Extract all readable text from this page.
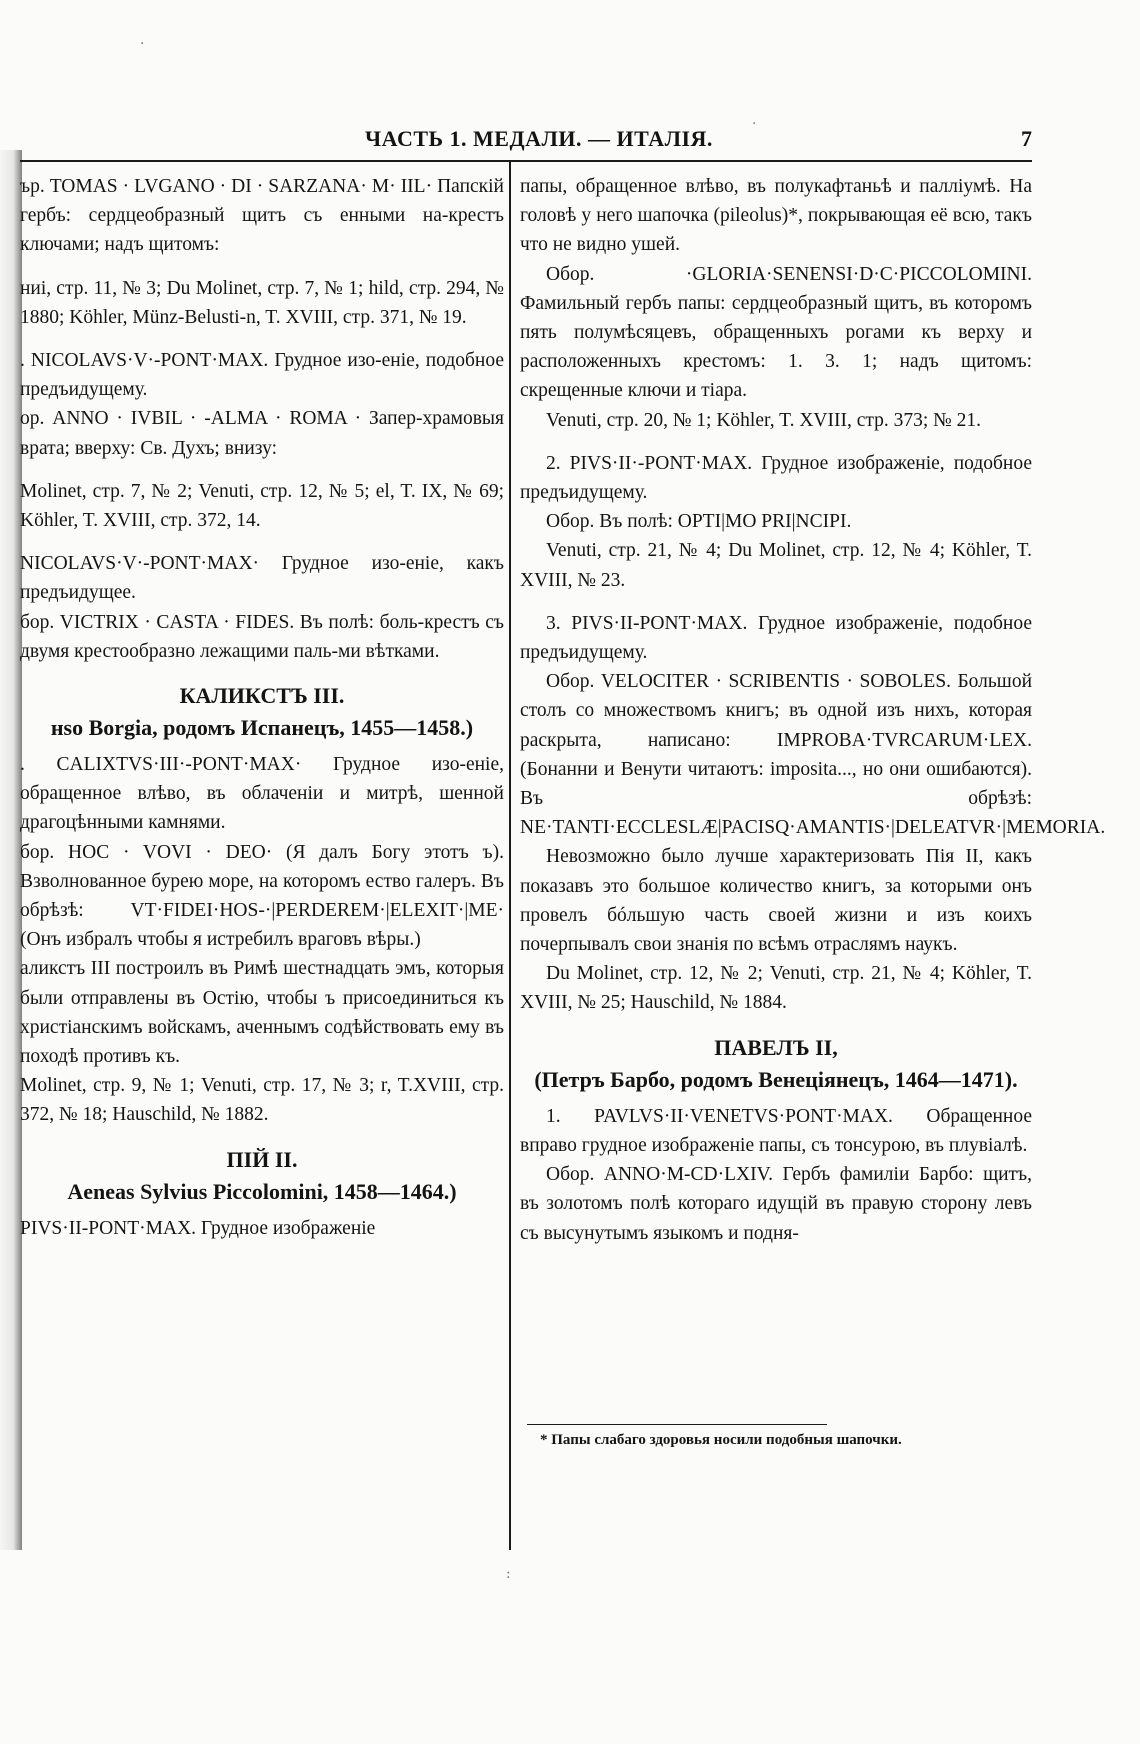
ЧАСТЬ 1. МЕДАЛИ. — ИТАЛIЯ.	7

ър. TOMAS · LVGANO · DI · SARZANA· M· IIL· Папскiй гербъ: сердцеобразный щитъ съ енными на-крестъ ключами; надъ щитомъ:

ниi, стр. 11, № 3; Du Molinet, стр. 7, № 1; hild, стр. 294, № 1880; Köhler, Münz-Belusti-n, T. XVIII, стр. 371, № 19.

. NICOLAVS·V·-PONT·MAX. Грудное изо-енiе, подобное предъидущему.

ор. ANNO · IVBIL · -ALMA · ROMA · Запер-храмовыя врата; вверху: Св. Духъ; внизу:

Molinet, стр. 7, № 2; Venuti, стр. 12, № 5; el, T. IX, № 69; Köhler, T. XVIII, стр. 372, 14.

NICOLAVS·V·-PONT·MAX· Грудное изо-енiе, какъ предъидущее.

бор. VICTRIX · CASTA · FIDES. Въ полѣ: боль-крестъ съ двумя крестообразно лежащими паль-ми вѣтками.

КАЛИКСТЪ III.
нso Borgia, родомъ Испанецъ, 1455—1458.)

. CALIXTVS·III·-PONT·MAX· Грудное изо-енiе, обращенное влѣво, въ облаченiи и митрѣ, шенной драгоцѣнными камнями.

бор. HOC · VOVI · DEO· (Я далъ Богу этотъ ъ). Взволнованное бурею море, на которомъ ество галеръ. Въ обрѣзѣ: VT·FIDEI·HOS-·|PERDEREM·|ELEXIT·|ME· (Онъ избралъ чтобы я истребилъ враговъ вѣры.)

аликстъ III построилъ въ Римѣ шестнадцать эмъ, которыя были отправлены въ Остiю, чтобы ъ присоединиться къ христiанскимъ войскамъ, аченнымъ содѣйствовать ему въ походѣ противъ къ.

Molinet, стр. 9, № 1; Venuti, стр. 17, № 3; r, T.XVIII, стр. 372, № 18; Hauschild, № 1882.

ПIЙ II.
Aeneas Sylvius Piccolomini, 1458—1464.)

PIVS·II-PONT·MAX. Грудное изображенiе

папы, обращенное влѣво, въ полукафтаньѣ и паллiумѣ. На головѣ у него шапочка (pileolus)*, покрывающая её всю, такъ что не видно ушей.

Обор. ·GLORIA·SENENSI·D·C·PICCOLOMINI. Фамильный гербъ папы: сердцеобразный щитъ, въ которомъ пять полумѣсяцевъ, обращенныхъ рогами къ верху и расположенныхъ крестомъ: 1. 3. 1; надъ щитомъ: скрещенные ключи и тiара.

Venuti, стр. 20, № 1; Köhler, T. XVIII, стр. 373; № 21.

2. PIVS·II·-PONT·MAX. Грудное изображенiе, подобное предъидущему.

Обор. Въ полѣ: OPTI|MO PRI|NCIPI.

Venuti, стр. 21, № 4; Du Molinet, стр. 12, № 4; Köhler, T. XVIII, № 23.

3. PIVS·II-PONT·MAX. Грудное изображенiе, подобное предъидущему.

Обор. VELOCITER · SCRIBENTIS · SOBOLES. Большой столъ со множествомъ книгъ; въ одной изъ нихъ, которая раскрыта, написано: IMPROBA·TVRCARUM·LEX. (Бонанни и Венути читаютъ: imposita..., но они ошибаются). Въ обрѣзѣ: NE·TANTI·ECCLESLÆ|PACISQ·AMANTIS·|DELEATVR·|MEMORIA.

Невозможно было лучше характеризовать Пiя II, какъ показавъ это большое количество книгъ, за которыми онъ провелъ бóльшую часть своей жизни и изъ коихъ почерпывалъ свои знанiя по всѣмъ отраслямъ наукъ.

Du Molinet, стр. 12, № 2; Venuti, стр. 21, № 4; Köhler, T. XVIII, № 25; Hauschild, № 1884.

ПАВЕЛЪ II,
(Петръ Барбо, родомъ Венецiянецъ, 1464—1471).

1. PAVLVS·II·VENETVS·PONT·MAX. Обращенное вправо грудное изображенiе папы, съ тонсурою, въ плувiалѣ.

Обор. ANNO·M-CD·LXIV. Гербъ фамилiи Барбо: щитъ, въ золотомъ полѣ котораго идущiй въ правую сторону левъ съ высунутымъ языкомъ и подня-

* Папы слабаго здоровья носили подобныя шапочки.
·
·
:
